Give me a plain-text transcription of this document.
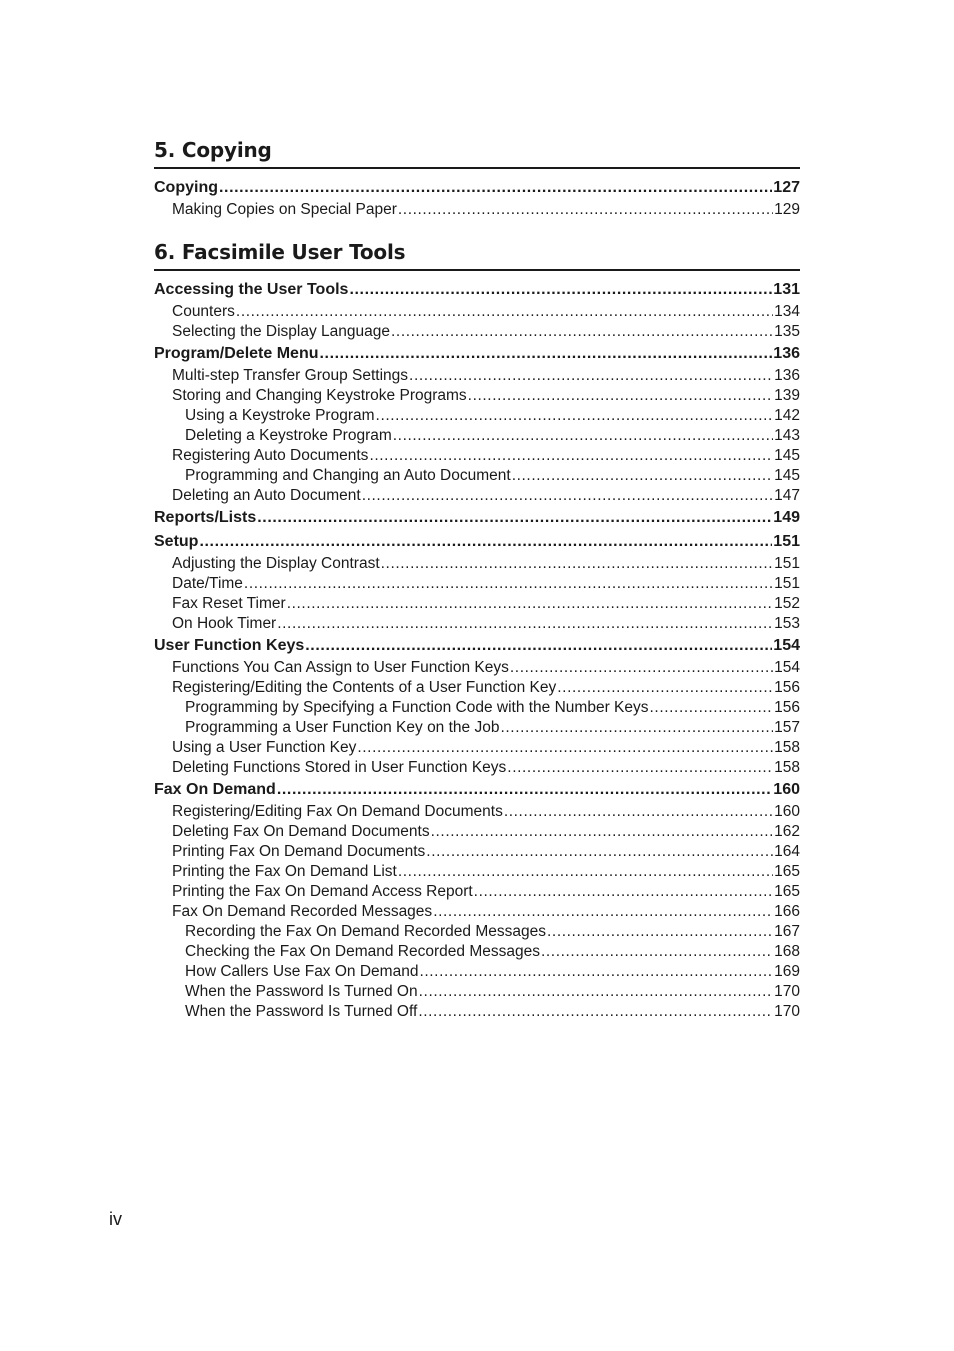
5. Copying
Copying .....	127
Making Copies on Special Paper .....	129
6. Facsimile User Tools
Accessing the User Tools .....	131
Counters .....	134
Selecting the Display Language .....	135
Program/Delete Menu .....	136
Multi-step Transfer Group Settings .....	136
Storing and Changing Keystroke Programs .....	139
Using a Keystroke Program .....	142
Deleting a Keystroke Program .....	143
Registering Auto Documents .....	145
Programming and Changing an Auto Document .....	145
Deleting an Auto Document .....	147
Reports/Lists .....	149
Setup .....	151
Adjusting the Display Contrast .....	151
Date/Time .....	151
Fax Reset Timer .....	152
On Hook Timer .....	153
User Function Keys .....	154
Functions You Can Assign to User Function Keys .....	154
Registering/Editing the Contents of a User Function Key .....	156
Programming by Specifying a Function Code with the Number Keys .....	156
Programming a User Function Key on the Job .....	157
Using a User Function Key .....	158
Deleting Functions Stored in User Function Keys .....	158
Fax On Demand .....	160
Registering/Editing Fax On Demand Documents .....	160
Deleting Fax On Demand Documents .....	162
Printing Fax On Demand Documents .....	164
Printing the Fax On Demand List .....	165
Printing the Fax On Demand Access Report .....	165
Fax On Demand Recorded Messages .....	166
Recording the Fax On Demand Recorded Messages .....	167
Checking the Fax On Demand Recorded Messages .....	168
How Callers Use Fax On Demand .....	169
When the Password Is Turned On .....	170
When the Password Is Turned Off .....	170
iv
